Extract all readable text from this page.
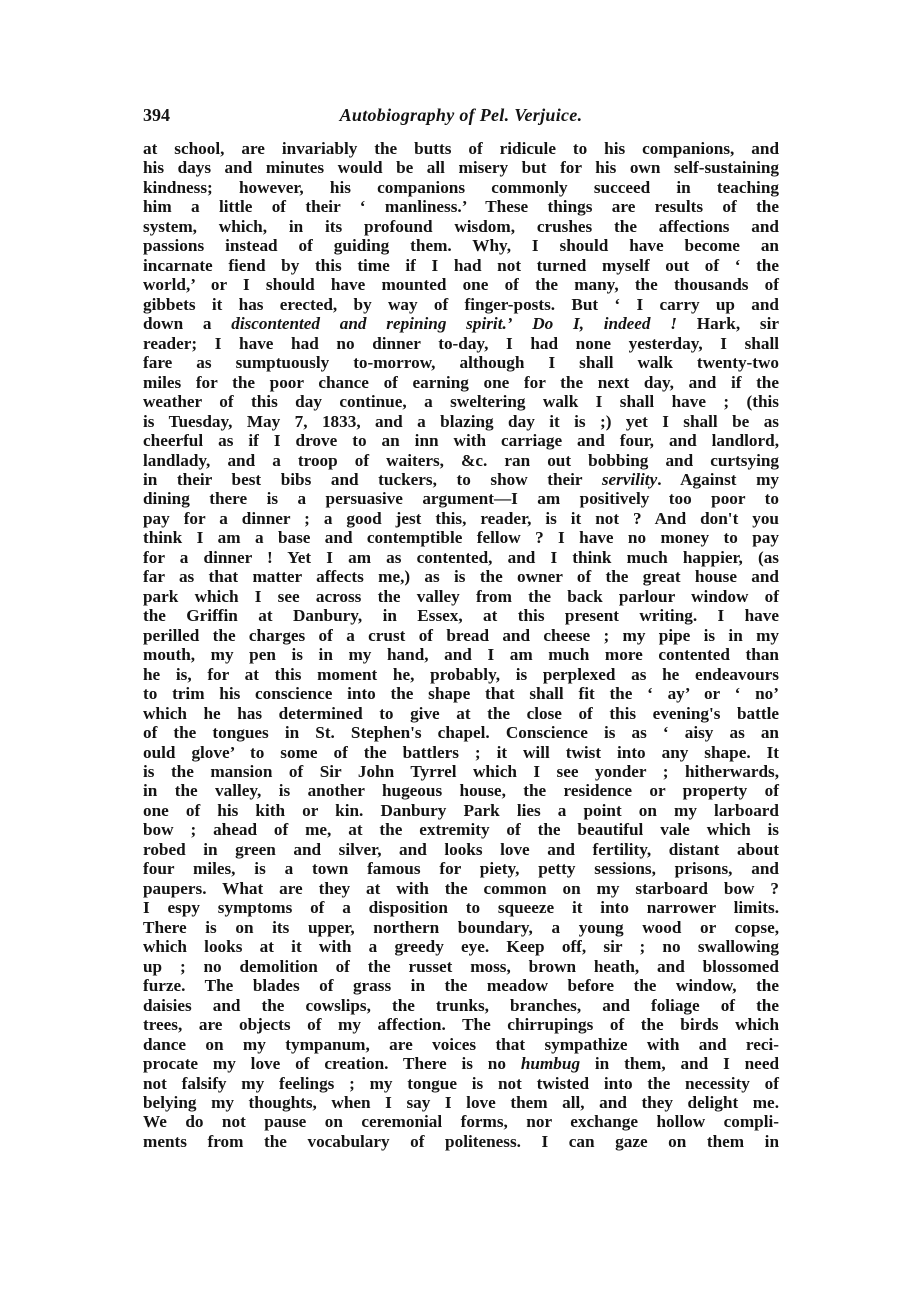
394	Autobiography of Pel. Verjuice.
at school, are invariably the butts of ridicule to his companions, and
his days and minutes would be all misery but for his own self-sustaining
kindness; however, his companions commonly succeed in teaching
him a little of their ‘ manliness.’ These things are results of the
system, which, in its profound wisdom, crushes the affections and
passions instead of guiding them. Why, I should have become an
incarnate fiend by this time if I had not turned myself out of ‘ the
world,’ or I should have mounted one of the many, the thousands of
gibbets it has erected, by way of finger-posts. But ‘ I carry up and
down a discontented and repining spirit.’ Do I, indeed ! Hark, sir
reader; I have had no dinner to-day, I had none yesterday, I shall
fare as sumptuously to-morrow, although I shall walk twenty-two
miles for the poor chance of earning one for the next day, and if the
weather of this day continue, a sweltering walk I shall have ; (this
is Tuesday, May 7, 1833, and a blazing day it is ;) yet I shall be as
cheerful as if I drove to an inn with carriage and four, and landlord,
landlady, and a troop of waiters, &c. ran out bobbing and curtsying
in their best bibs and tuckers, to show their servility. Against my
dining there is a persuasive argument—I am positively too poor to
pay for a dinner ; a good jest this, reader, is it not ? And don't you
think I am a base and contemptible fellow ? I have no money to pay
for a dinner ! Yet I am as contented, and I think much happier, (as
far as that matter affects me,) as is the owner of the great house and
park which I see across the valley from the back parlour window of
the Griffin at Danbury, in Essex, at this present writing. I have
perilled the charges of a crust of bread and cheese ; my pipe is in my
mouth, my pen is in my hand, and I am much more contented than
he is, for at this moment he, probably, is perplexed as he endeavours
to trim his conscience into the shape that shall fit the ‘ ay’ or ‘ no’
which he has determined to give at the close of this evening's battle
of the tongues in St. Stephen's chapel. Conscience is as ‘ aisy as an
ould glove’ to some of the battlers ; it will twist into any shape. It
is the mansion of Sir John Tyrrel which I see yonder ; hitherwards,
in the valley, is another hugeous house, the residence or property of
one of his kith or kin. Danbury Park lies a point on my larboard
bow ; ahead of me, at the extremity of the beautiful vale which is
robed in green and silver, and looks love and fertility, distant about
four miles, is a town famous for piety, petty sessions, prisons, and
paupers. What are they at with the common on my starboard bow ?
I espy symptoms of a disposition to squeeze it into narrower limits.
There is on its upper, northern boundary, a young wood or copse,
which looks at it with a greedy eye. Keep off, sir ; no swallowing
up ; no demolition of the russet moss, brown heath, and blossomed
furze. The blades of grass in the meadow before the window, the
daisies and the cowslips, the trunks, branches, and foliage of the
trees, are objects of my affection. The chirrupings of the birds which
dance on my tympanum, are voices that sympathize with and reci-
procate my love of creation. There is no humbug in them, and I need
not falsify my feelings ; my tongue is not twisted into the necessity of
belying my thoughts, when I say I love them all, and they delight me.
We do not pause on ceremonial forms, nor exchange hollow compli-
ments from the vocabulary of politeness. I can gaze on them in
